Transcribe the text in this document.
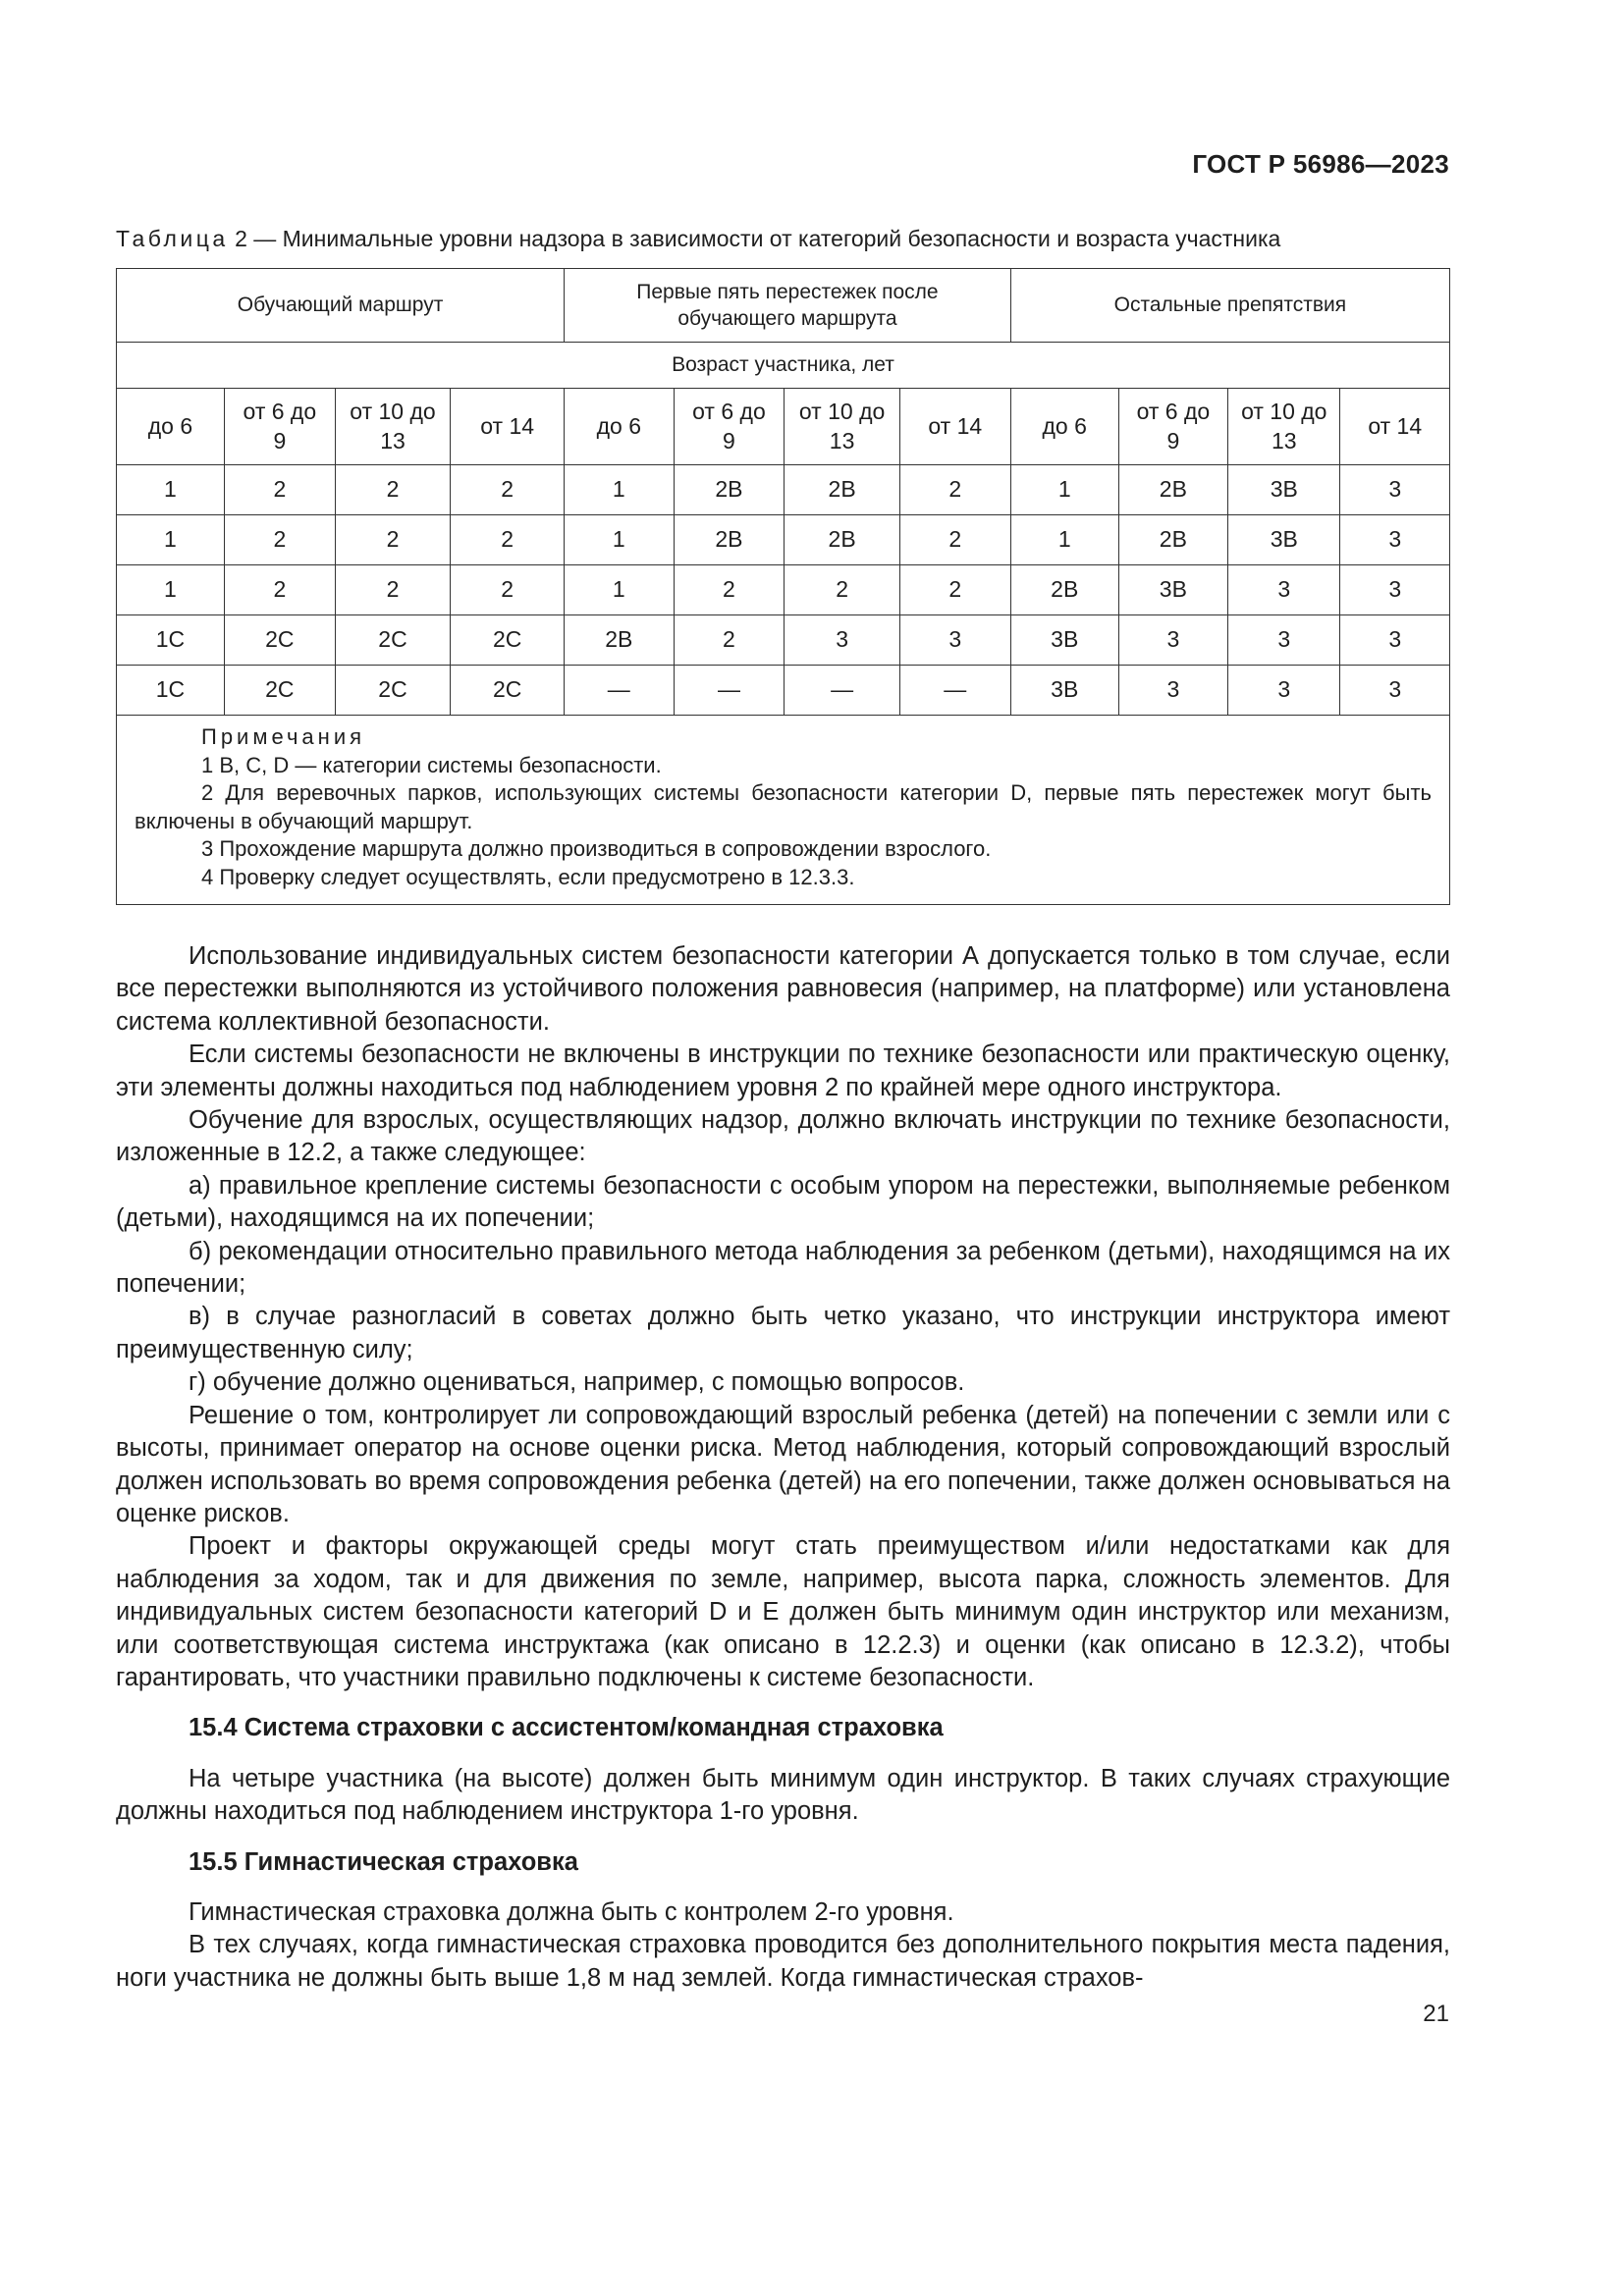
ГОСТ Р 56986—2023
Таблица 2 — Минимальные уровни надзора в зависимости от категорий безопасности и возраста участника
Обучающий маршрут				Первые пять перестежек после обучающего маршрута				Остальные препятствия			
Возраст участника, лет											
до 6	от 6 до 9	от 10 до 13	от 14	до 6	от 6 до 9	от 10 до 13	от 14	до 6	от 6 до 9	от 10 до 13	от 14
1	2	2	2	1	2В	2В	2	1	2В	3В	3
1	2	2	2	1	2В	2В	2	1	2В	3В	3
1	2	2	2	1	2	2	2	2В	3В	3	3
1С	2С	2С	2С	2В	2	3	3	3В	3	3	3
1С	2С	2С	2С	—	—	—	—	3В	3	3	3

Примечания
1 B, C, D — категории системы безопасности.
2 Для веревочных парков, использующих системы безопасности категории D, первые пять перестежек могут быть включены в обучающий маршрут.
3 Прохождение маршрута должно производиться в сопровождении взрослого.
4 Проверку следует осуществлять, если предусмотрено в 12.3.3.											

Использование индивидуальных систем безопасности категории А допускается только в том случае, если все перестежки выполняются из устойчивого положения равновесия (например, на платформе) или установлена система коллективной безопасности.

Если системы безопасности не включены в инструкции по технике безопасности или практическую оценку, эти элементы должны находиться под наблюдением уровня 2 по крайней мере одного инструктора.

Обучение для взрослых, осуществляющих надзор, должно включать инструкции по технике безопасности, изложенные в 12.2, а также следующее:

а) правильное крепление системы безопасности с особым упором на перестежки, выполняемые ребенком (детьми), находящимся на их попечении;

б) рекомендации относительно правильного метода наблюдения за ребенком (детьми), находящимся на их попечении;

в) в случае разногласий в советах должно быть четко указано, что инструкции инструктора имеют преимущественную силу;

г) обучение должно оцениваться, например, с помощью вопросов.

Решение о том, контролирует ли сопровождающий взрослый ребенка (детей) на попечении с земли или с высоты, принимает оператор на основе оценки риска. Метод наблюдения, который сопровождающий взрослый должен использовать во время сопровождения ребенка (детей) на его попечении, также должен основываться на оценке рисков.

Проект и факторы окружающей среды могут стать преимуществом и/или недостатками как для наблюдения за ходом, так и для движения по земле, например, высота парка, сложность элементов. Для индивидуальных систем безопасности категорий D и E должен быть минимум один инструктор или механизм, или соответствующая система инструктажа (как описано в 12.2.3) и оценки (как описано в 12.3.2), чтобы гарантировать, что участники правильно подключены к системе безопасности.

15.4 Система страховки с ассистентом/командная страховка

На четыре участника (на высоте) должен быть минимум один инструктор. В таких случаях страхующие должны находиться под наблюдением инструктора 1-го уровня.

15.5 Гимнастическая страховка

Гимнастическая страховка должна быть с контролем 2-го уровня.

В тех случаях, когда гимнастическая страховка проводится без дополнительного покрытия места падения, ноги участника не должны быть выше 1,8 м над землей. Когда гимнастическая страхов-

21
